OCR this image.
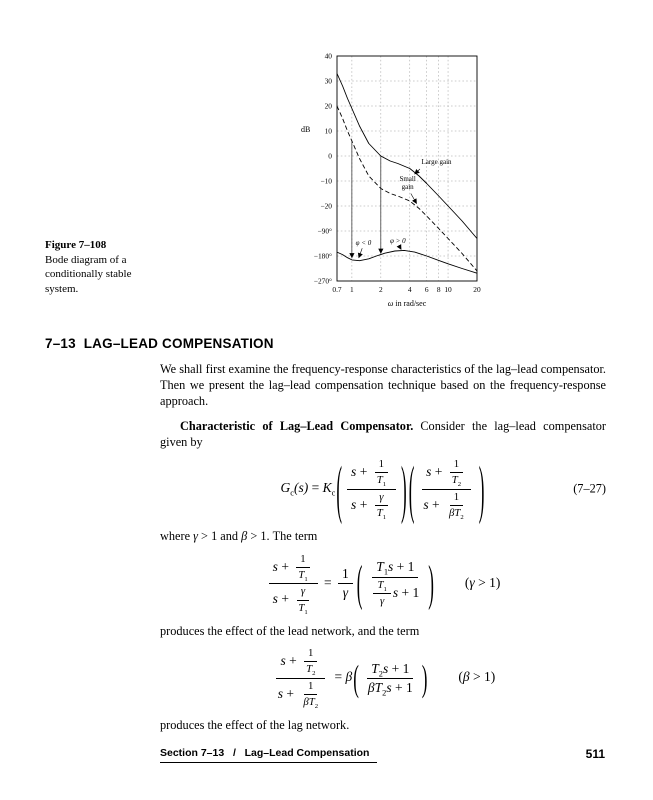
40
30
20
10
0
−10
−20
−90°
−180°
−270°
dB
0.7 1	2	4 6 8 10	20
ω in rad/sec
Large gain
Small
gain
φ < 0	φ > 0
Figure 7–108
Bode diagram of a
conditionally stable
system.
7–13  LAG–LEAD COMPENSATION

We shall first examine the frequency-response characteristics of the lag–lead compensator. Then we present the lag–lead compensation technique based on the frequency-response approach.

Characteristic of Lag–Lead Compensator. Consider the lag–lead compensator given by

$G_c(s) = K_c( \frac{s + \frac{1}{T_1}}{s + \frac{\gamma}{T_1}}$ ) ( $\frac{s + \frac{1}{T_2}}{s + \frac{1}{\beta T_2}}$ )	(7–27)

where γ > 1 and β > 1. The term

$\frac{s + \frac{1}{T_1}}{s + \frac{\gamma}{T_1}} = \frac{1}{\gamma}$ ( $\frac{T_1s + 1}{\frac{T_1}{\gamma} s + 1}$ ) (γ > 1)

produces the effect of the lead network, and the term

$\frac{s + \frac{1}{T_2}}{s + \frac{1}{\beta T_2}} = \beta( \frac{T_2s + 1}{\beta T_2s + 1}$ ) (β > 1)

produces the effect of the lag network.

Section 7–13   /   Lag–Lead Compensation	511
